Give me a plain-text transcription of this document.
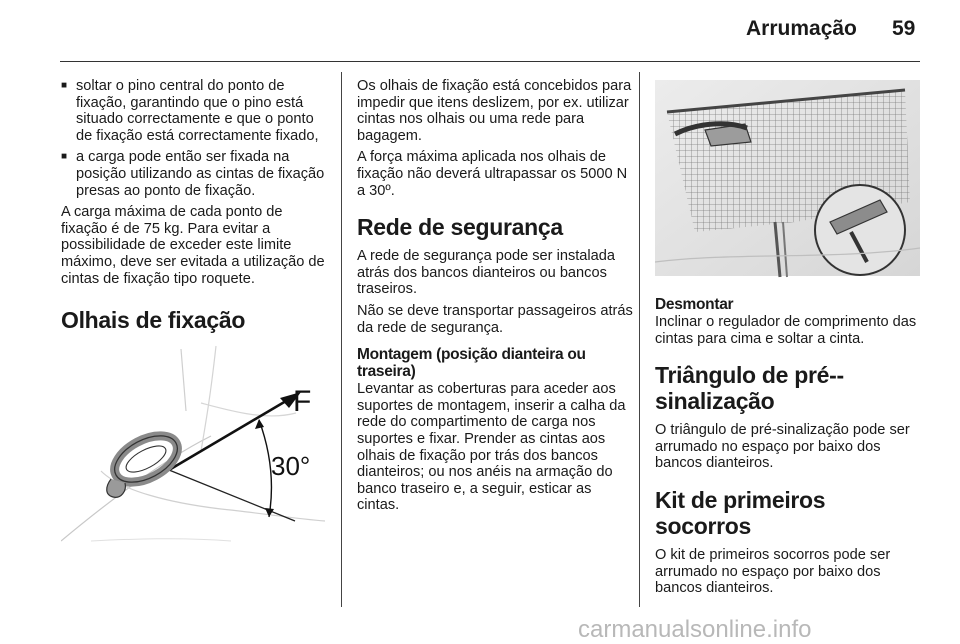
Arrumação 59
■ soltar o pino central do ponto de fixação, garantindo que o pino está situado correctamente e que o ponto de fixação está correctamente fixado,
■ a carga pode então ser fixada na posição utilizando as cintas de fixação presas ao ponto de fixação.

A carga máxima de cada ponto de fixação é de 75 kg. Para evitar a possibilidade de exceder este limite máximo, deve ser evitada a utilização de cintas de fixação tipo roquete.

Olhais de fixação
F
30°

Os olhais de fixação está concebidos para impedir que itens deslizem, por ex. utilizar cintas nos olhais ou uma rede para bagagem.

A força máxima aplicada nos olhais de fixação não deverá ultrapassar os 5000 N a 30º.

Rede de segurança

A rede de segurança pode ser instalada atrás dos bancos dianteiros ou bancos traseiros.

Não se deve transportar passageiros atrás da rede de segurança.

Montagem (posição dianteira ou traseira)

Levantar as coberturas para aceder aos suportes de montagem, inserir a calha da rede do compartimento de carga nos suportes e fixar. Prender as cintas aos olhais de fixação por trás dos bancos dianteiros; ou nos anéis na armação do banco traseiro e, a seguir, esticar as cintas.

Desmontar

Inclinar o regulador de comprimento das cintas para cima e soltar a cinta.

Triângulo de pré--sinalização

O triângulo de pré-sinalização pode ser arrumado no espaço por baixo dos bancos dianteiros.

Kit de primeiros socorros

O kit de primeiros socorros pode ser arrumado no espaço por baixo dos bancos dianteiros.

carmanualsonline.info
